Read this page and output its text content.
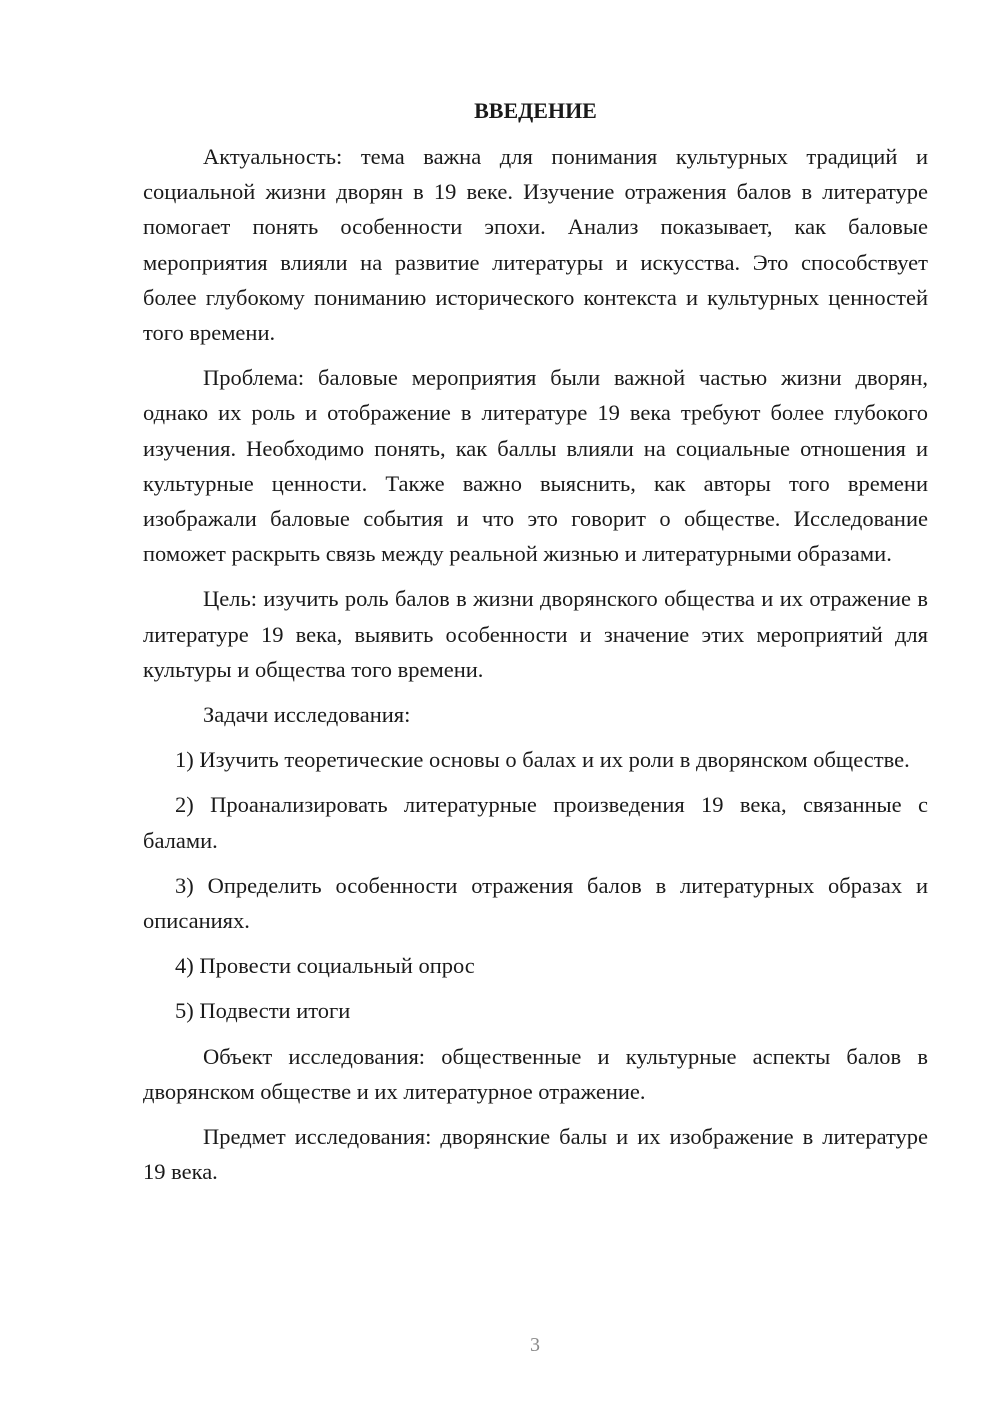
ВВЕДЕНИЕ

Актуальность: тема важна для понимания культурных традиций и социальной жизни дворян в 19 веке. Изучение отражения балов в литературе помогает понять особенности эпохи. Анализ показывает, как баловые мероприятия влияли на развитие литературы и искусства. Это способствует более глубокому пониманию исторического контекста и культурных ценностей того времени.

Проблема: баловые мероприятия были важной частью жизни дворян, однако их роль и отображение в литературе 19 века требуют более глубокого изучения. Необходимо понять, как баллы влияли на социальные отношения и культурные ценности. Также важно выяснить, как авторы того времени изображали баловые события и что это говорит о обществе. Исследование поможет раскрыть связь между реальной жизнью и литературными образами.

Цель: изучить роль балов в жизни дворянского общества и их отражение в литературе 19 века, выявить особенности и значение этих мероприятий для культуры и общества того времени.

Задачи исследования:

1) Изучить теоретические основы о балах и их роли в дворянском обществе.

2) Проанализировать литературные произведения 19 века, связанные с балами.

3) Определить особенности отражения балов в литературных образах и описаниях.

4) Провести социальный опрос

5) Подвести итоги

Объект исследования: общественные и культурные аспекты балов в дворянском обществе и их литературное отражение.

Предмет исследования: дворянские балы и их изображение в литературе 19 века.

3
